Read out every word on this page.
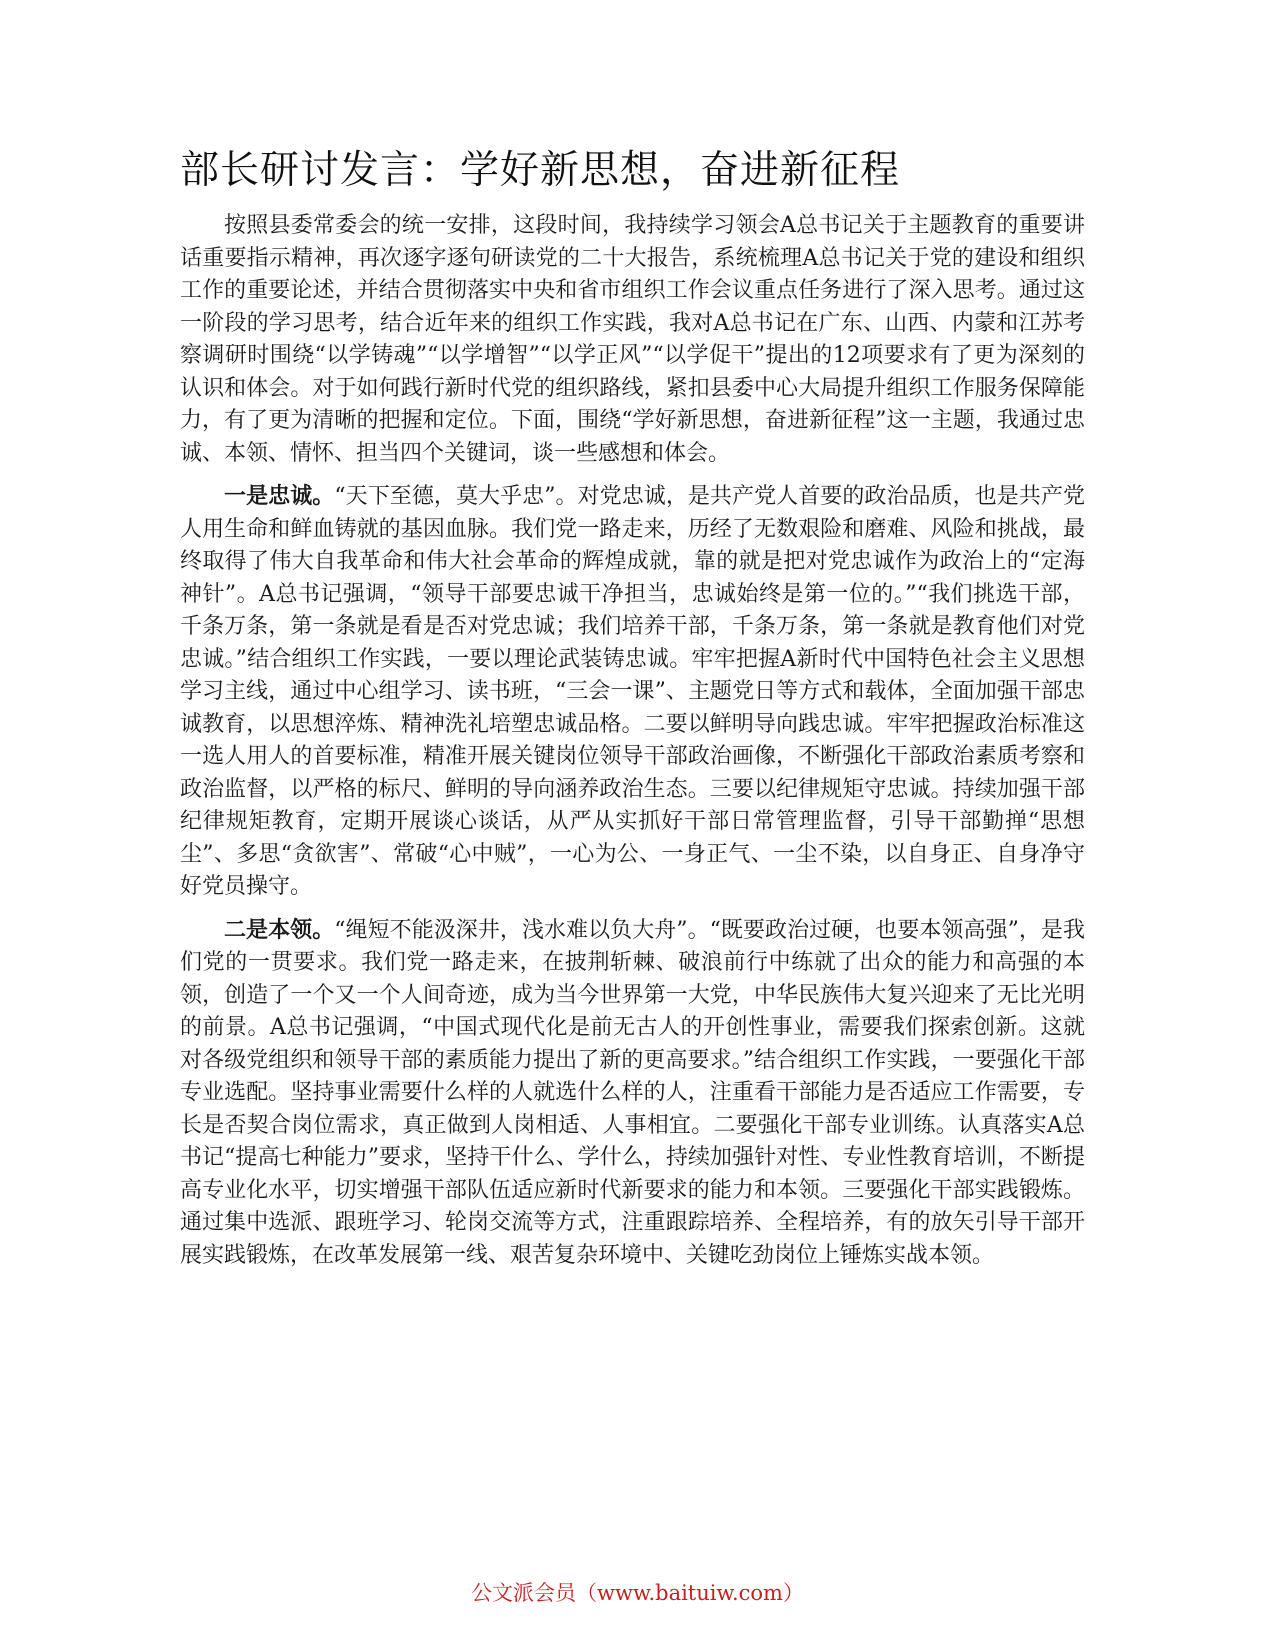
部长研讨发言：学好新思想，奋进新征程

按照县委常委会的统一安排，这段时间，我持续学习领会A总书记关于主题教育的重要讲话重要指示精神，再次逐字逐句研读党的二十大报告，系统梳理A总书记关于党的建设和组织工作的重要论述，并结合贯彻落实中央和省市组织工作会议重点任务进行了深入思考。通过这一阶段的学习思考，结合近年来的组织工作实践，我对A总书记在广东、山西、内蒙和江苏考察调研时围绕“以学铸魂”“以学增智”“以学正风”“以学促干”提出的12项要求有了更为深刻的认识和体会。对于如何践行新时代党的组织路线，紧扣县委中心大局提升组织工作服务保障能力，有了更为清晰的把握和定位。下面，围绕“学好新思想，奋进新征程”这一主题，我通过忠诚、本领、情怀、担当四个关键词，谈一些感想和体会。

一是忠诚。“天下至德，莫大乎忠”。对党忠诚，是共产党人首要的政治品质，也是共产党人用生命和鲜血铸就的基因血脉。我们党一路走来，历经了无数艰险和磨难、风险和挑战，最终取得了伟大自我革命和伟大社会革命的辉煌成就，靠的就是把对党忠诚作为政治上的“定海神针”。A总书记强调，“领导干部要忠诚干净担当，忠诚始终是第一位的。”“我们挑选干部，千条万条，第一条就是看是否对党忠诚；我们培养干部，千条万条，第一条就是教育他们对党忠诚。”结合组织工作实践，一要以理论武装铸忠诚。牢牢把握A新时代中国特色社会主义思想学习主线，通过中心组学习、读书班，“三会一课”、主题党日等方式和载体，全面加强干部忠诚教育，以思想淬炼、精神洗礼培塑忠诚品格。二要以鲜明导向践忠诚。牢牢把握政治标准这一选人用人的首要标准，精准开展关键岗位领导干部政治画像，不断强化干部政治素质考察和政治监督，以严格的标尺、鲜明的导向涵养政治生态。三要以纪律规矩守忠诚。持续加强干部纪律规矩教育，定期开展谈心谈话，从严从实抓好干部日常管理监督，引导干部勤掸“思想尘”、多思“贪欲害”、常破“心中贼”，一心为公、一身正气、一尘不染，以自身正、自身净守好党员操守。

二是本领。“绳短不能汲深井，浅水难以负大舟”。“既要政治过硬，也要本领高强”，是我们党的一贯要求。我们党一路走来，在披荆斩棘、破浪前行中练就了出众的能力和高强的本领，创造了一个又一个人间奇迹，成为当今世界第一大党，中华民族伟大复兴迎来了无比光明的前景。A总书记强调，“中国式现代化是前无古人的开创性事业，需要我们探索创新。这就对各级党组织和领导干部的素质能力提出了新的更高要求。”结合组织工作实践，一要强化干部专业选配。坚持事业需要什么样的人就选什么样的人，注重看干部能力是否适应工作需要，专长是否契合岗位需求，真正做到人岗相适、人事相宜。二要强化干部专业训练。认真落实A总书记“提高七种能力”要求，坚持干什么、学什么，持续加强针对性、专业性教育培训，不断提高专业化水平，切实增强干部队伍适应新时代新要求的能力和本领。三要强化干部实践锻炼。通过集中选派、跟班学习、轮岗交流等方式，注重跟踪培养、全程培养，有的放矢引导干部开展实践锻炼，在改革发展第一线、艰苦复杂环境中、关键吃劲岗位上锤炼实战本领。

公文派会员（www.baituiw.com）
